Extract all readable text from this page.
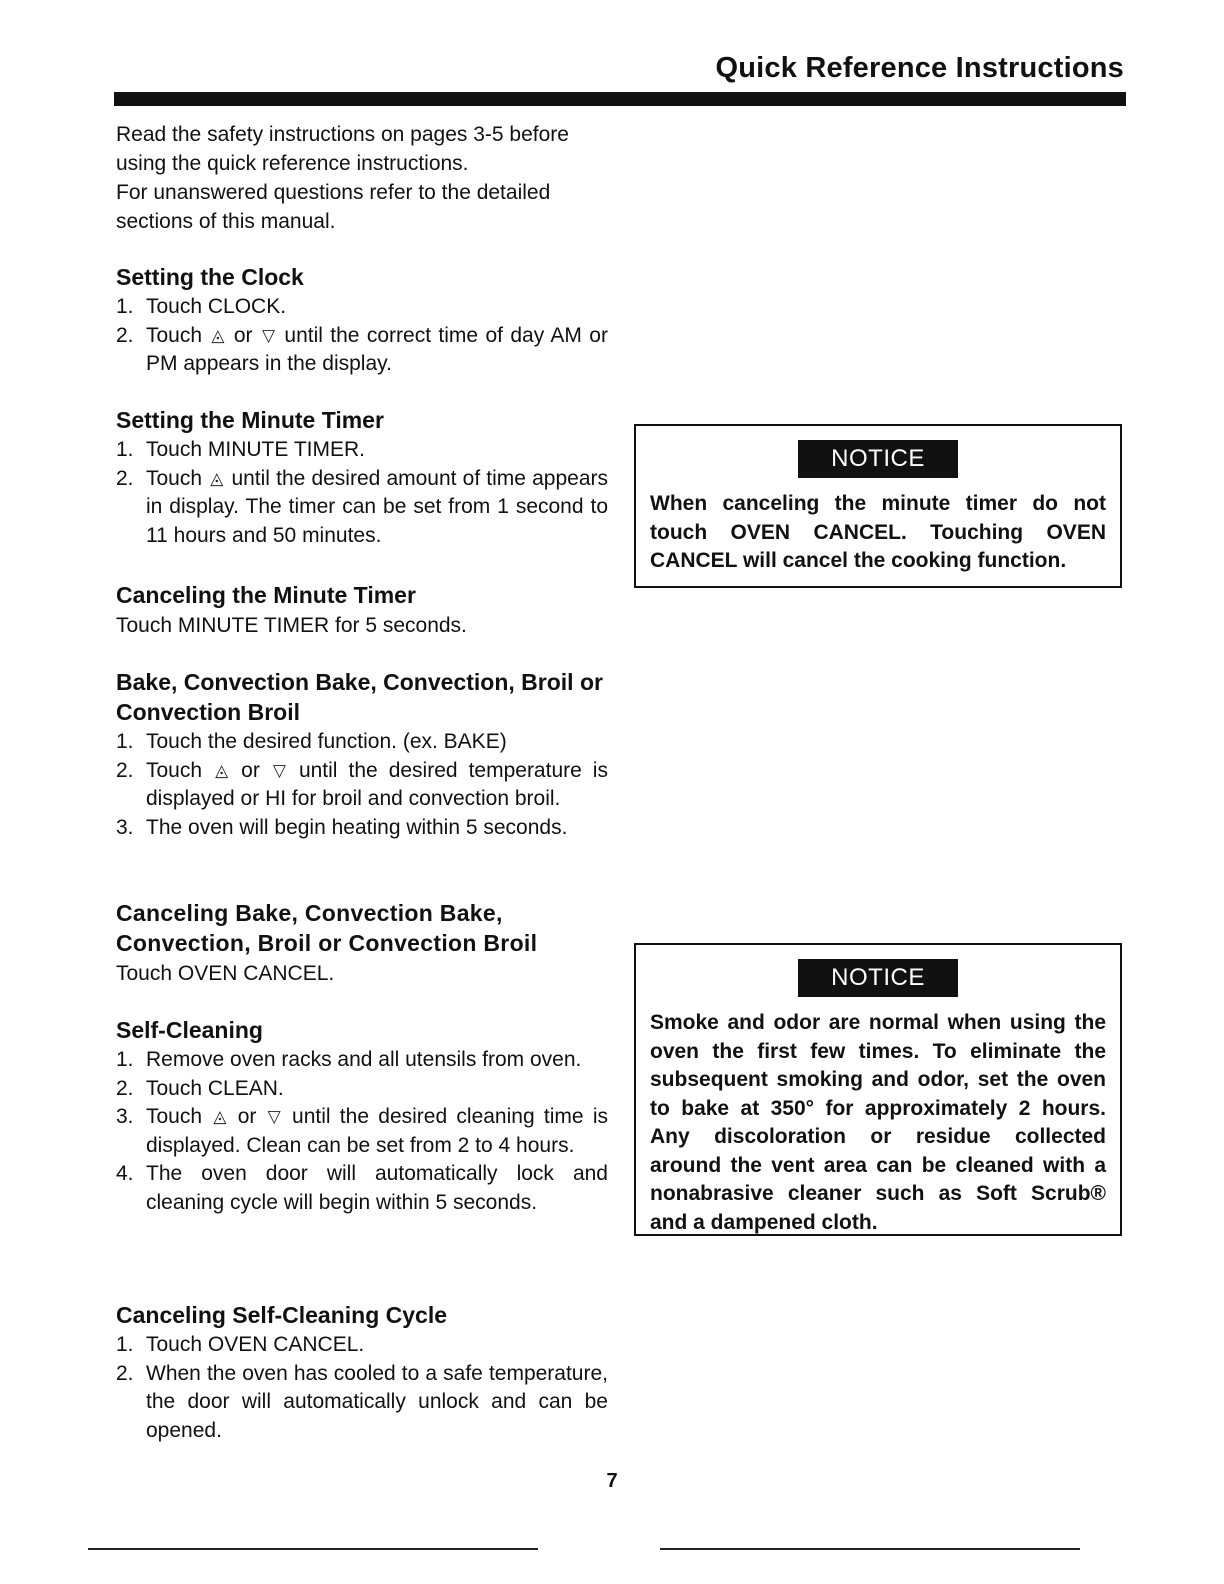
Quick Reference Instructions

Read the safety instructions on pages 3-5 before using the quick reference instructions.

For unanswered questions refer to the detailed sections of this manual.

Setting the Clock
1. Touch CLOCK.
2. Touch ◬ or ▽ until the correct time of day AM or PM appears in the display.
Setting the Minute Timer
1. Touch MINUTE TIMER.
2. Touch ◬ until the desired amount of time appears in display. The timer can be set from 1 second to 11 hours and 50 minutes.
Canceling the Minute Timer

Touch MINUTE TIMER for 5 seconds.

Bake, Convection Bake, Convection, Broil or Convection Broil
1. Touch the desired function. (ex. BAKE)
2. Touch ◬ or ▽ until the desired temperature is displayed or HI for broil and convection broil.
3. The oven will begin heating within 5 seconds.
Canceling Bake, Convection Bake, Convection, Broil or Convection Broil

Touch OVEN CANCEL.

Self-Cleaning
1. Remove oven racks and all utensils from oven.
2. Touch CLEAN.
3. Touch ◬ or ▽ until the desired cleaning time is displayed. Clean can be set from 2 to 4 hours.
4. The oven door will automatically lock and cleaning cycle will begin within 5 seconds.
Canceling Self-Cleaning Cycle
1. Touch OVEN CANCEL.
2. When the oven has cooled to a safe temperature, the door will automatically unlock and can be opened.
NOTICE

When canceling the minute timer do not touch OVEN CANCEL. Touching OVEN CANCEL will cancel the cooking function.

NOTICE

Smoke and odor are normal when using the oven the first few times. To eliminate the subsequent smoking and odor, set the oven to bake at 350° for approximately 2 hours. Any discoloration or residue collected around the vent area can be cleaned with a nonabrasive cleaner such as Soft Scrub® and a dampened cloth.

7
